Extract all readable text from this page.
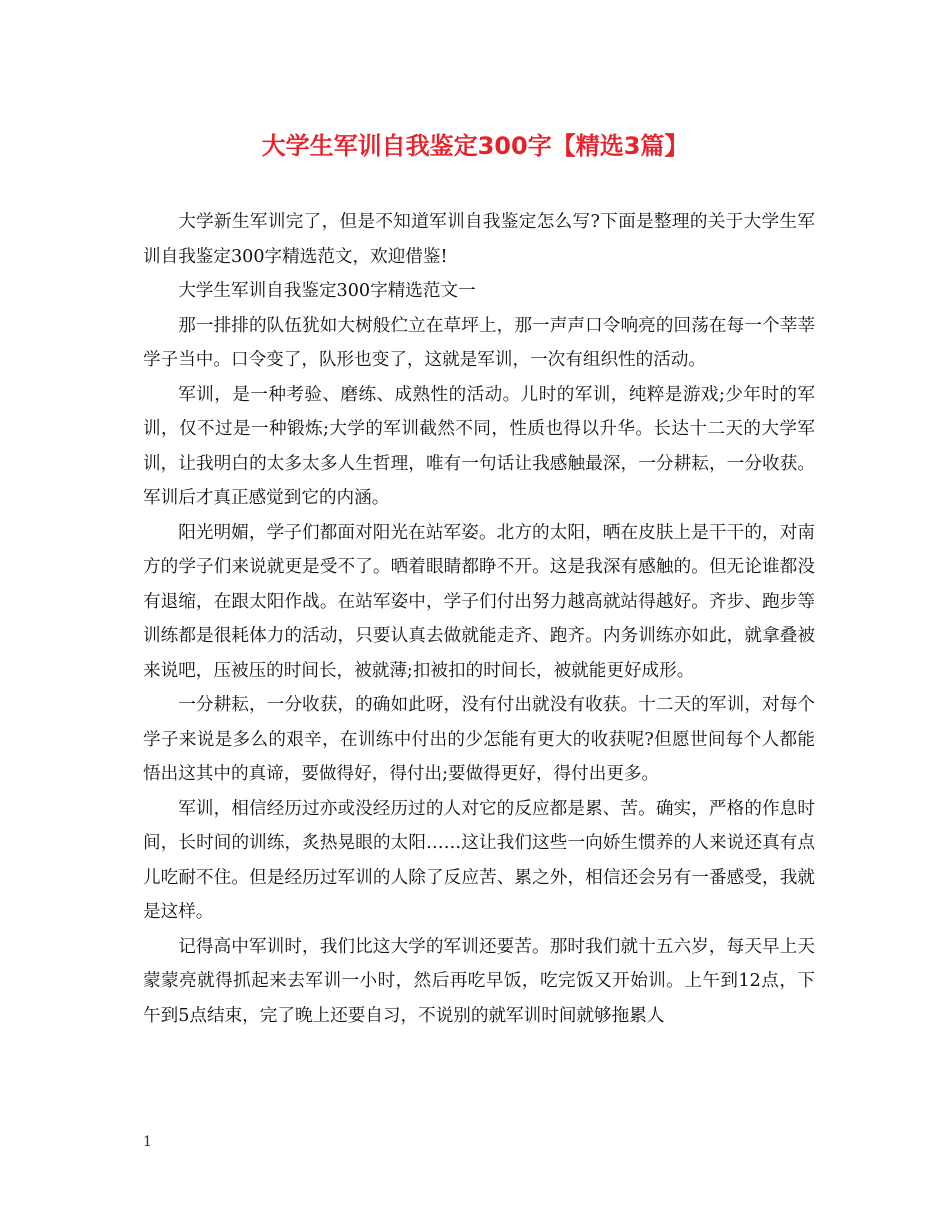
大学生军训自我鉴定300字【精选3篇】

大学新生军训完了，但是不知道军训自我鉴定怎么写?下面是整理的关于大学生军训自我鉴定300字精选范文，欢迎借鉴!

大学生军训自我鉴定300字精选范文一

那一排排的队伍犹如大树般伫立在草坪上，那一声声口令响亮的回荡在每一个莘莘学子当中。口令变了，队形也变了，这就是军训，一次有组织性的活动。

军训，是一种考验、磨练、成熟性的活动。儿时的军训，纯粹是游戏;少年时的军训，仅不过是一种锻炼;大学的军训截然不同，性质也得以升华。长达十二天的大学军训，让我明白的太多太多人生哲理，唯有一句话让我感触最深，一分耕耘，一分收获。军训后才真正感觉到它的内涵。

阳光明媚，学子们都面对阳光在站军姿。北方的太阳，晒在皮肤上是干干的，对南方的学子们来说就更是受不了。晒着眼睛都睁不开。这是我深有感触的。但无论谁都没有退缩，在跟太阳作战。在站军姿中，学子们付出努力越高就站得越好。齐步、跑步等训练都是很耗体力的活动，只要认真去做就能走齐、跑齐。内务训练亦如此，就拿叠被来说吧，压被压的时间长，被就薄;扣被扣的时间长，被就能更好成形。

一分耕耘，一分收获，的确如此呀，没有付出就没有收获。十二天的军训，对每个学子来说是多么的艰辛，在训练中付出的少怎能有更大的收获呢?但愿世间每个人都能悟出这其中的真谛，要做得好，得付出;要做得更好，得付出更多。

军训，相信经历过亦或没经历过的人对它的反应都是累、苦。确实，严格的作息时间，长时间的训练，炙热晃眼的太阳……这让我们这些一向娇生惯养的人来说还真有点儿吃耐不住。但是经历过军训的人除了反应苦、累之外，相信还会另有一番感受，我就是这样。

记得高中军训时，我们比这大学的军训还要苦。那时我们就十五六岁，每天早上天蒙蒙亮就得抓起来去军训一小时，然后再吃早饭，吃完饭又开始训。上午到12点，下午到5点结束，完了晚上还要自习，不说别的就军训时间就够拖累人

1
